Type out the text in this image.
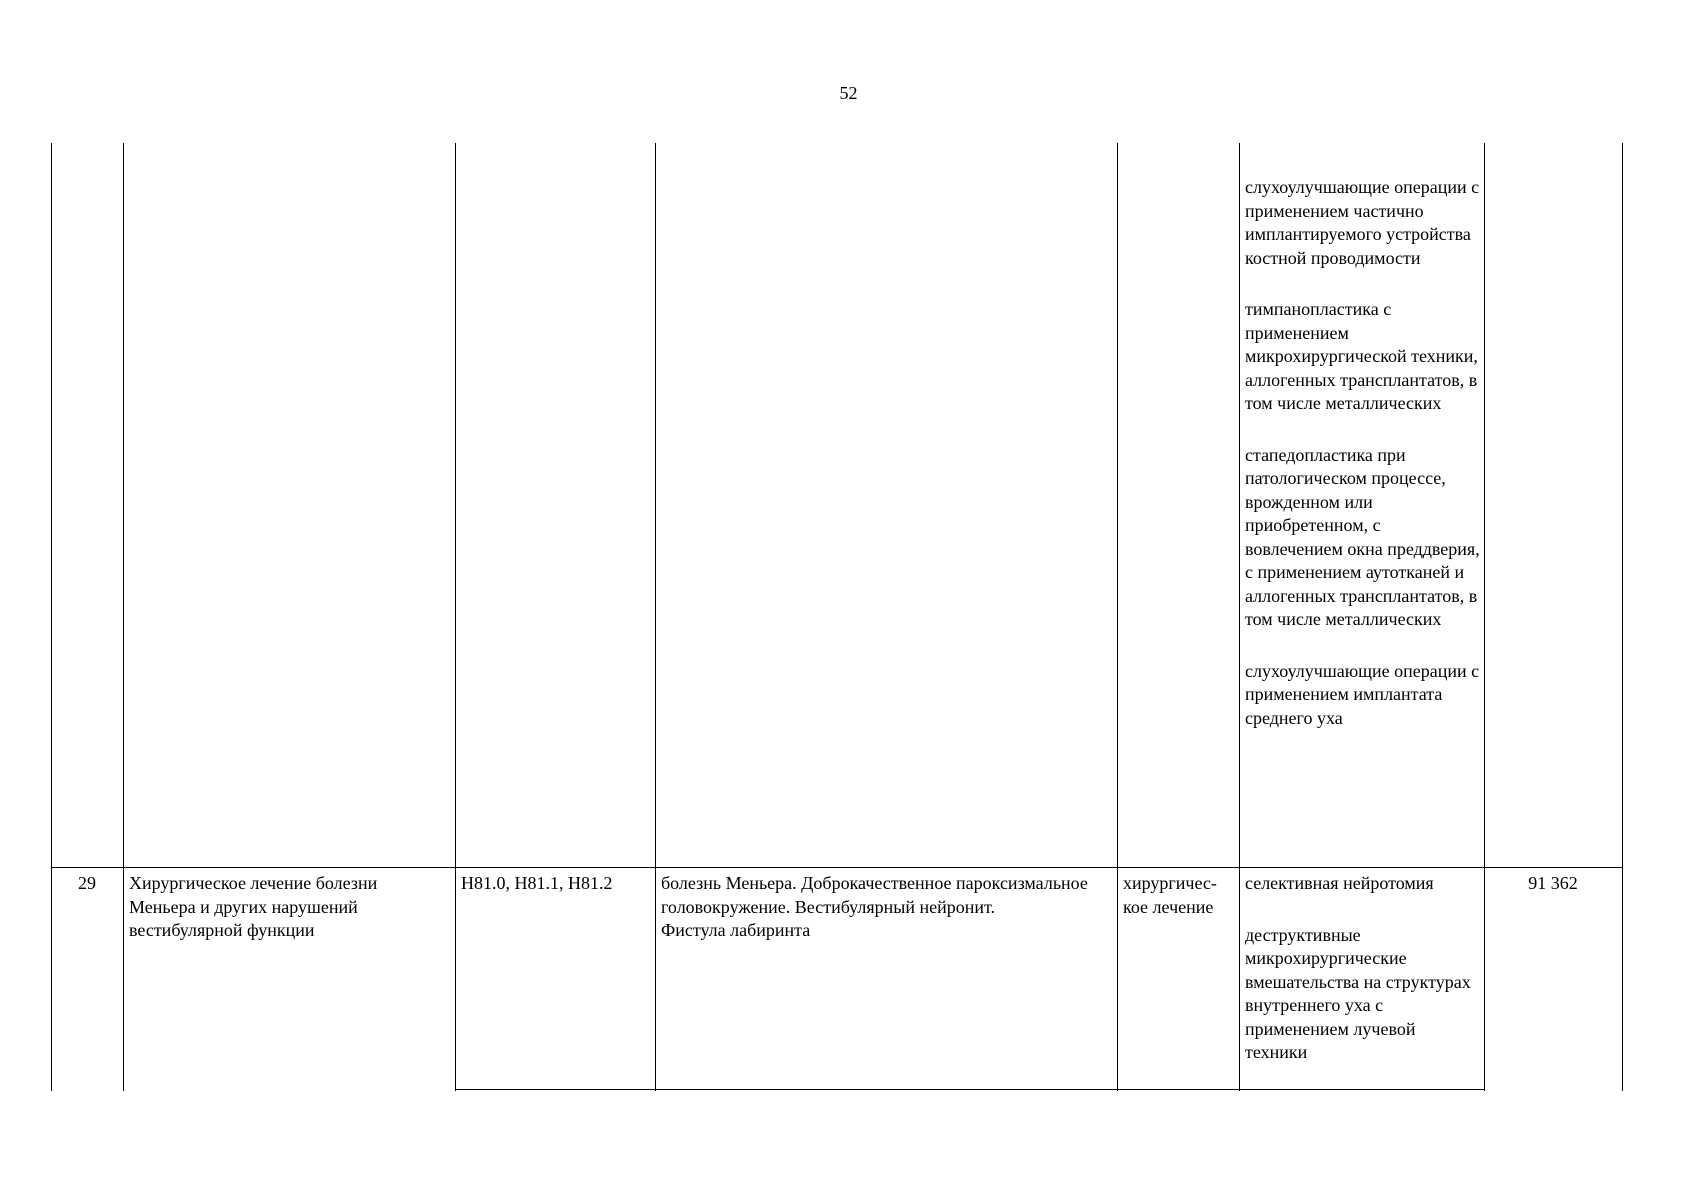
52
слухоулучшающие операции с применением частично имплантируемого устройства костной проводимости
тимпанопластика с применением микрохирургической техники, аллогенных трансплантатов, в том числе металлических
стапедопластика при патологическом процессе, врожденном или приобретенном, с вовлечением окна преддверия, с применением аутотканей и аллогенных трансплантатов, в том числе металлических
слухоулучшающие операции с применением имплантата среднего уха
29	Хирургическое лечение болезни Меньера и других нарушений вестибулярной функции
H81.0, H81.1, H81.2	болезнь Меньера. Доброкачественное пароксизмальное головокружение. Вестибулярный нейронит.
Фистула лабиринта
хирургичес-
кое лечение
селективная нейротомия
деструктивные микрохирургические вмешательства на структурах внутреннего уха с применением лучевой техники
91 362
